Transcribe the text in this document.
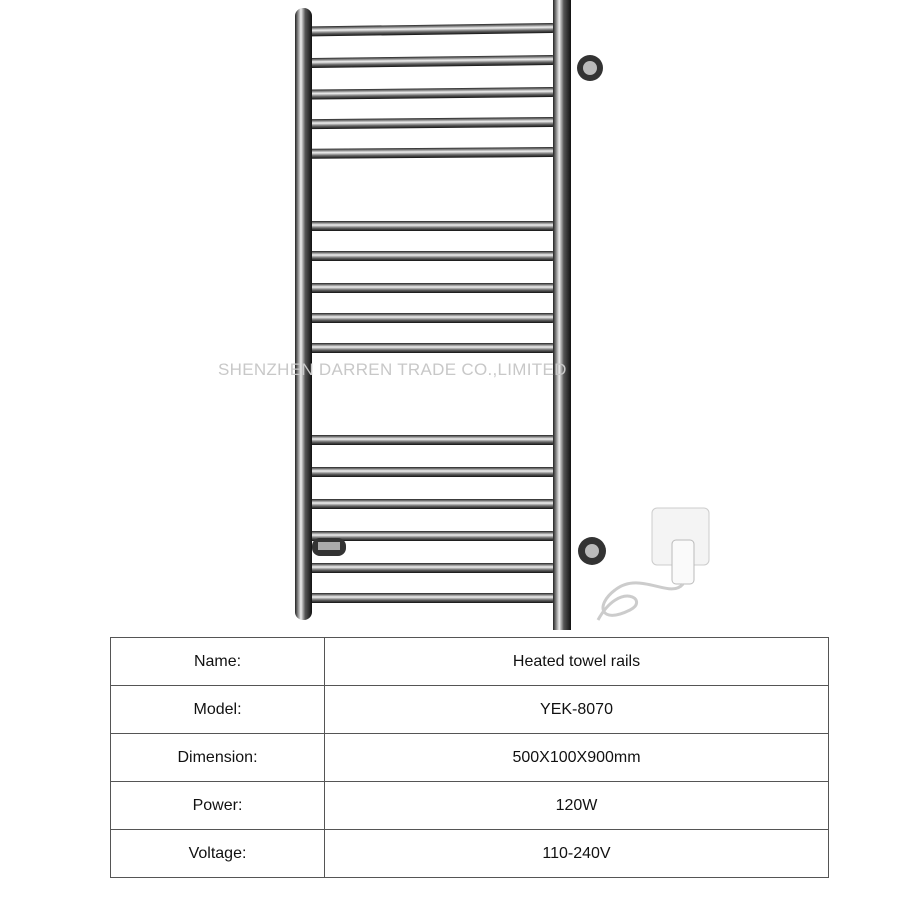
SHENZHEN DARREN TRADE CO.,LIMITED
Name:	Heated towel rails
Model:	YEK-8070
Dimension:	500X100X900mm
Power:	120W
Voltage:	110-240V
